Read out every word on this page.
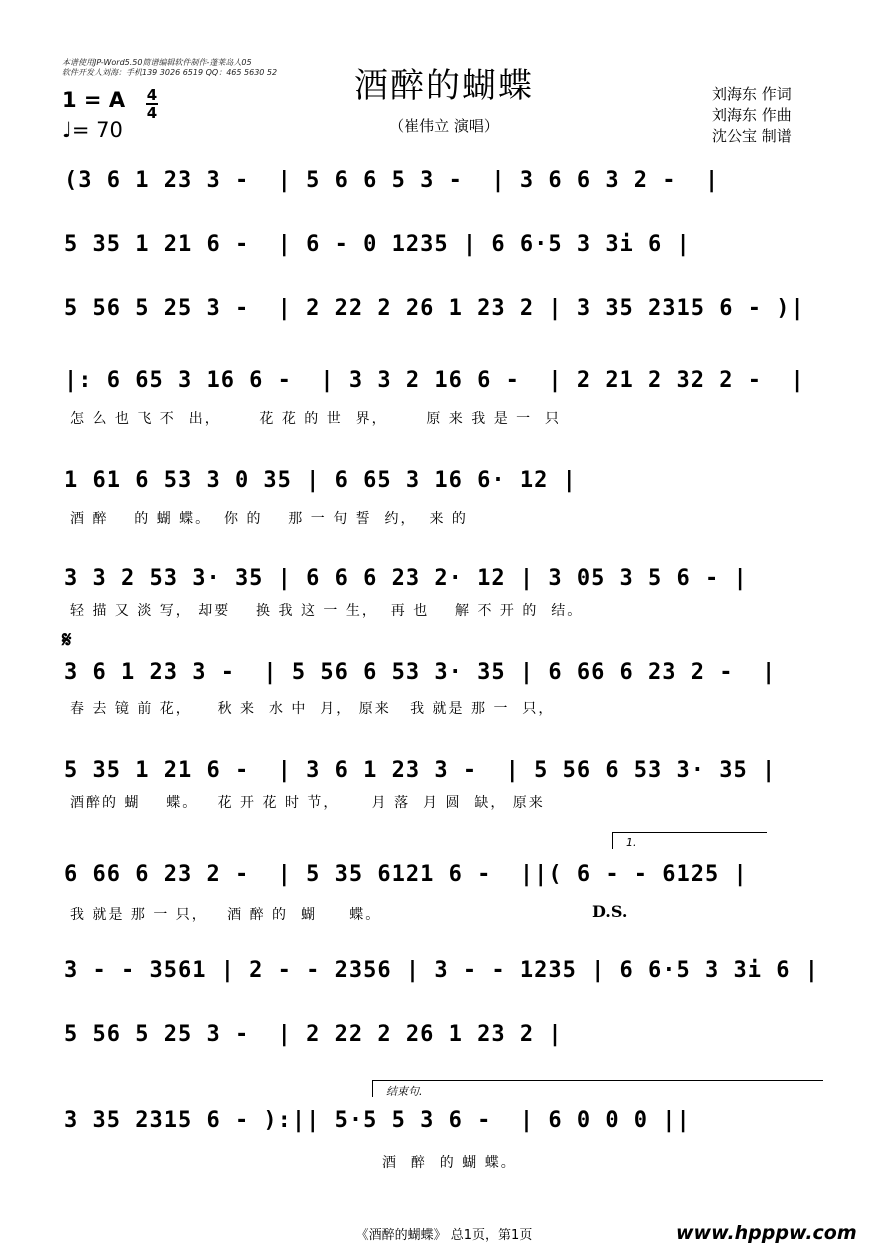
本谱使用JP-Word5.50简谱编辑软件制作-蓬莱岛人05
软件开发人刘海：手机139 3026 6519 QQ：465 5630 52	酒醉的蝴蝶
（崔伟立 演唱）
刘海东 作词
刘海东 作曲
沈公宝 制谱
1 = A 4
4
♩= 70
(3 6 1 23 3 -  | 5 6 6 5 3 -  | 3 6 6 3 2 -  |
5 35 1 21 6 -  | 6 - 0 1235 | 6 6·5 3 3i 6 |
5 56 5 25 3 -  | 2 22 2 26 1 23 2 | 3 35 2315 6 - )|
|: 6 65 3 16 6 -  | 3 3 2 16 6 -  | 2 21 2 32 2 -  |
怎 么 也 飞 不  出，      花 花 的 世  界，      原 来 我 是 一  只
1 61 6 53 3 0 35 | 6 65 3 16 6· 12 |
酒 醉    的 蝴 蝶。  你 的    那 一 句 誓  约，  来 的
3 3 2 53 3· 35 | 6 6 6 23 2· 12 | 3 05 3 5 6 - |
轻 描 又 淡 写， 却要    换 我 这 一 生，  再 也    解 不 开 的  结。
𝄋
3 6 1 23 3 -  | 5 56 6 53 3· 35 | 6 66 6 23 2 -  |
春 去 镜 前 花，    秋 来  水 中  月， 原来   我 就是 那 一  只，
5 35 1 21 6 -  | 3 6 1 23 3 -  | 5 56 6 53 3· 35 |
酒醉的 蝴    蝶。   花 开 花 时 节，     月 落  月 圆  缺， 原来
1.
6 66 6 23 2 -  | 5 35 6121 6 -  ||( 6 - - 6125 |
我 就是 那 一 只，   酒 醉 的  蝴     蝶。	D.S.
3 - - 3561 | 2 - - 2356 | 3 - - 1235 | 6 6·5 3 3i 6 |
5 56 5 25 3 -  | 2 22 2 26 1 23 2 |
结束句.
3 35 2315 6 - ):|| 5·5 5 3 6 -  | 6 0 0 0 ||
酒  醉  的 蝴 蝶。
《酒醉的蝴蝶》 总1页，第1页	www.hpppw.com
